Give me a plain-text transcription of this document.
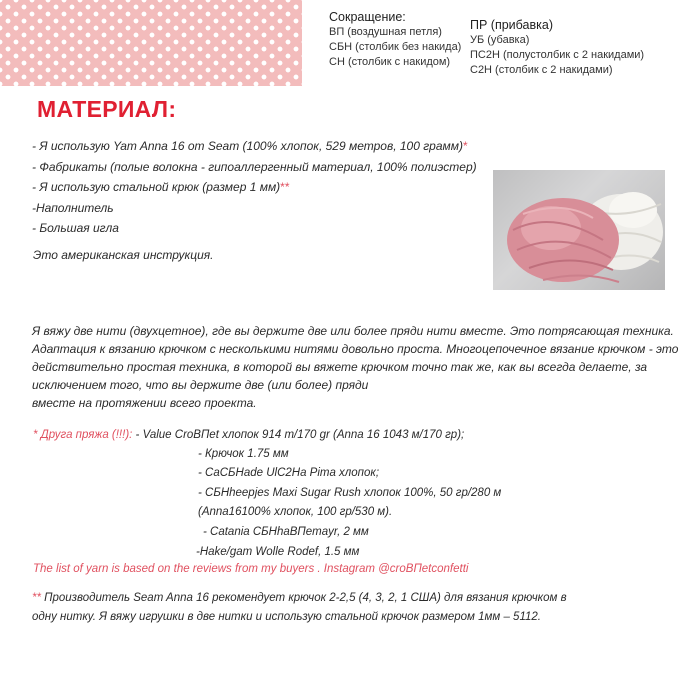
Сокращение:
ВП (воздушная петля)
СБН (столбик без накида)
СН (столбик с накидом)
ПР (прибавка)
УБ (убавка)
ПС2Н (полустолбик с 2 накидами)
С2Н (столбик с 2 накидами)
МАТЕРИАЛ:
- Я использую Yam Anna 16 от Seam (100% хлопок, 529 метров, 100 грамм)*
- Фабрикаты (полые волокна - гипоаллергенный материал, 100% полиэстер)
- Я использую стальной крюк (размер 1 мм)**
-Наполнитель
- Большая игла
Это американская инструкция.
Я вяжу две нити (двухцетное), где вы держите две или более пряди нити вместе. Это потрясающая техника.
Адаптация к вязанию крючком с несколькими нитями довольно проста. Многоцепочечное вязание крючком - это
действительно простая техника, в которой вы вяжете крючком точно так же, как вы всегда делаете, за
исключением того, что вы держите две (или более) пряди
вместе на протяжении всего проекта.
* Друга пряжа (!!!): - Value CroВПet хлопок 914 m/170 gr (Anna 16 1043 м/170 гр);
- Крючок 1.75 мм
- CaСБНade UlC2Ha Pima хлопок;
- СБНheepjes Maxi Sugar Rush хлопок 100%, 50 гр/280 м
(Anna16100% хлопок, 100 гр/530 м).
- Catania СБНhaВПemayr, 2 мм
-Hake/gam Wolle Rodef, 1.5 мм
The list of yarn is based on the reviews from my buyers . Instagram @croВПetconfetti
** Производитель Seam Anna 16 рекомендует крючок 2-2,5 (4, 3, 2, 1 США) для вязания крючком в
одну нитку. Я вяжу игрушки в две нитки и использую стальной крючок размером 1мм – 5112.
